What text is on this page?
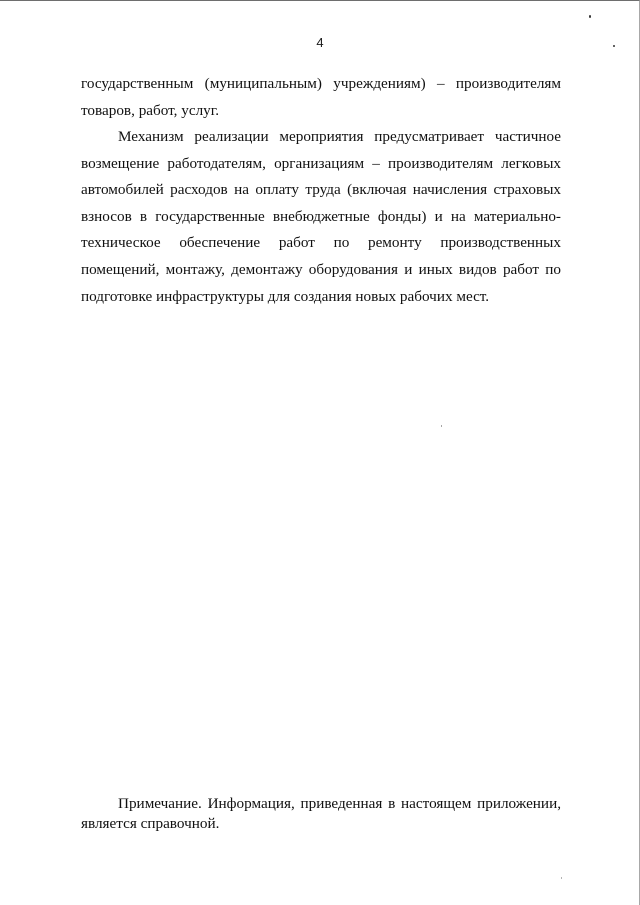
4

государственным (муниципальным) учреждениям) – производителям товаров, работ, услуг.

Механизм реализации мероприятия предусматривает частичное возмещение работодателям, организациям – производителям легковых автомобилей расходов на оплату труда (включая начисления страховых взносов в государственные внебюджетные фонды) и на материально-техническое обеспечение работ по ремонту производственных помещений, монтажу, демонтажу оборудования и иных видов работ по подготовке инфраструктуры для создания новых рабочих мест.

Примечание. Информация, приведенная в настоящем приложении, является справочной.
